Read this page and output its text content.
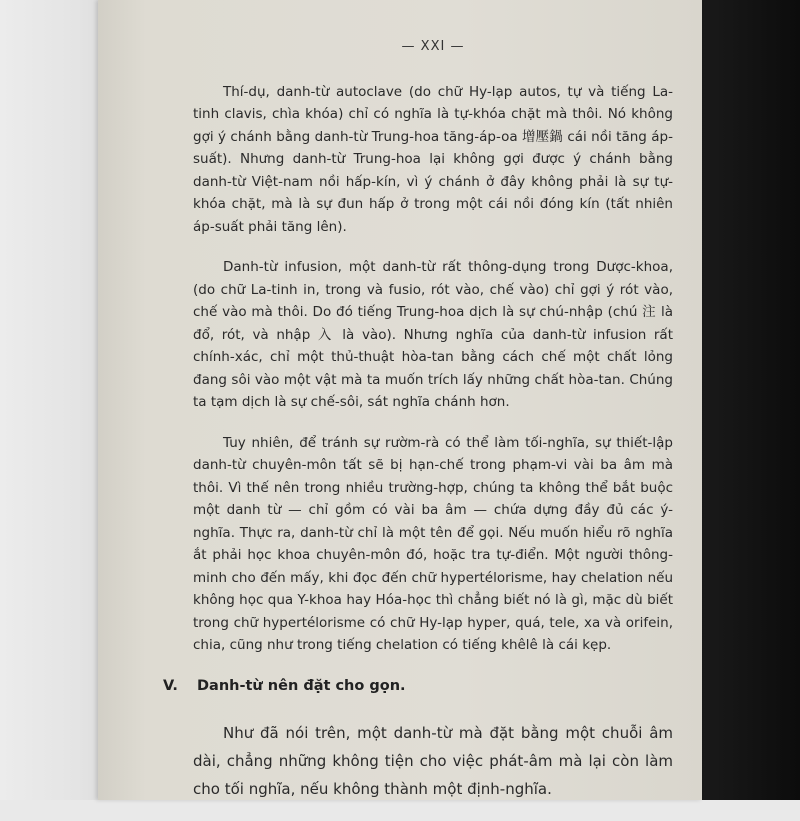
— XXI —

Thí-dụ, danh-từ autoclave (do chữ Hy-lạp autos, tự và tiếng La-tinh clavis, chìa khóa) chỉ có nghĩa là tự-khóa chặt mà thôi. Nó không gợi ý chánh bằng danh-từ Trung-hoa tăng-áp-oa 增壓鍋 cái nồi tăng áp-suất). Nhưng danh-từ Trung-hoa lại không gợi được ý chánh bằng danh-từ Việt-nam nồi hấp-kín, vì ý chánh ở đây không phải là sự tự-khóa chặt, mà là sự đun hấp ở trong một cái nồi đóng kín (tất nhiên áp-suất phải tăng lên).

Danh-từ infusion, một danh-từ rất thông-dụng trong Dược-khoa, (do chữ La-tinh in, trong và fusio, rót vào, chế vào) chỉ gợi ý rót vào, chế vào mà thôi. Do đó tiếng Trung-hoa dịch là sự chú-nhập (chú 注 là đổ, rót, và nhập 入 là vào). Nhưng nghĩa của danh-từ infusion rất chính-xác, chỉ một thủ-thuật hòa-tan bằng cách chế một chất lỏng đang sôi vào một vật mà ta muốn trích lấy những chất hòa-tan. Chúng ta tạm dịch là sự chế-sôi, sát nghĩa chánh hơn.

Tuy nhiên, để tránh sự rườm-rà có thể làm tối-nghĩa, sự thiết-lập danh-từ chuyên-môn tất sẽ bị hạn-chế trong phạm-vi vài ba âm mà thôi. Vì thế nên trong nhiều trường-hợp, chúng ta không thể bắt buộc một danh từ — chỉ gồm có vài ba âm — chứa dựng đầy đủ các ý-nghĩa. Thực ra, danh-từ chỉ là một tên để gọi. Nếu muốn hiểu rõ nghĩa ắt phải học khoa chuyên-môn đó, hoặc tra tự-điển. Một người thông-minh cho đến mấy, khi đọc đến chữ hypertélorisme, hay chelation nếu không học qua Y-khoa hay Hóa-học thì chẳng biết nó là gì, mặc dù biết trong chữ hypertélorisme có chữ Hy-lạp hyper, quá, tele, xa và orifein, chia, cũng như trong tiếng chelation có tiếng khêlê là cái kẹp.

V. Danh-từ nên đặt cho gọn.

Như đã nói trên, một danh-từ mà đặt bằng một chuỗi âm dài, chẳng những không tiện cho việc phát-âm mà lại còn làm cho tối nghĩa, nếu không thành một định-nghĩa.
